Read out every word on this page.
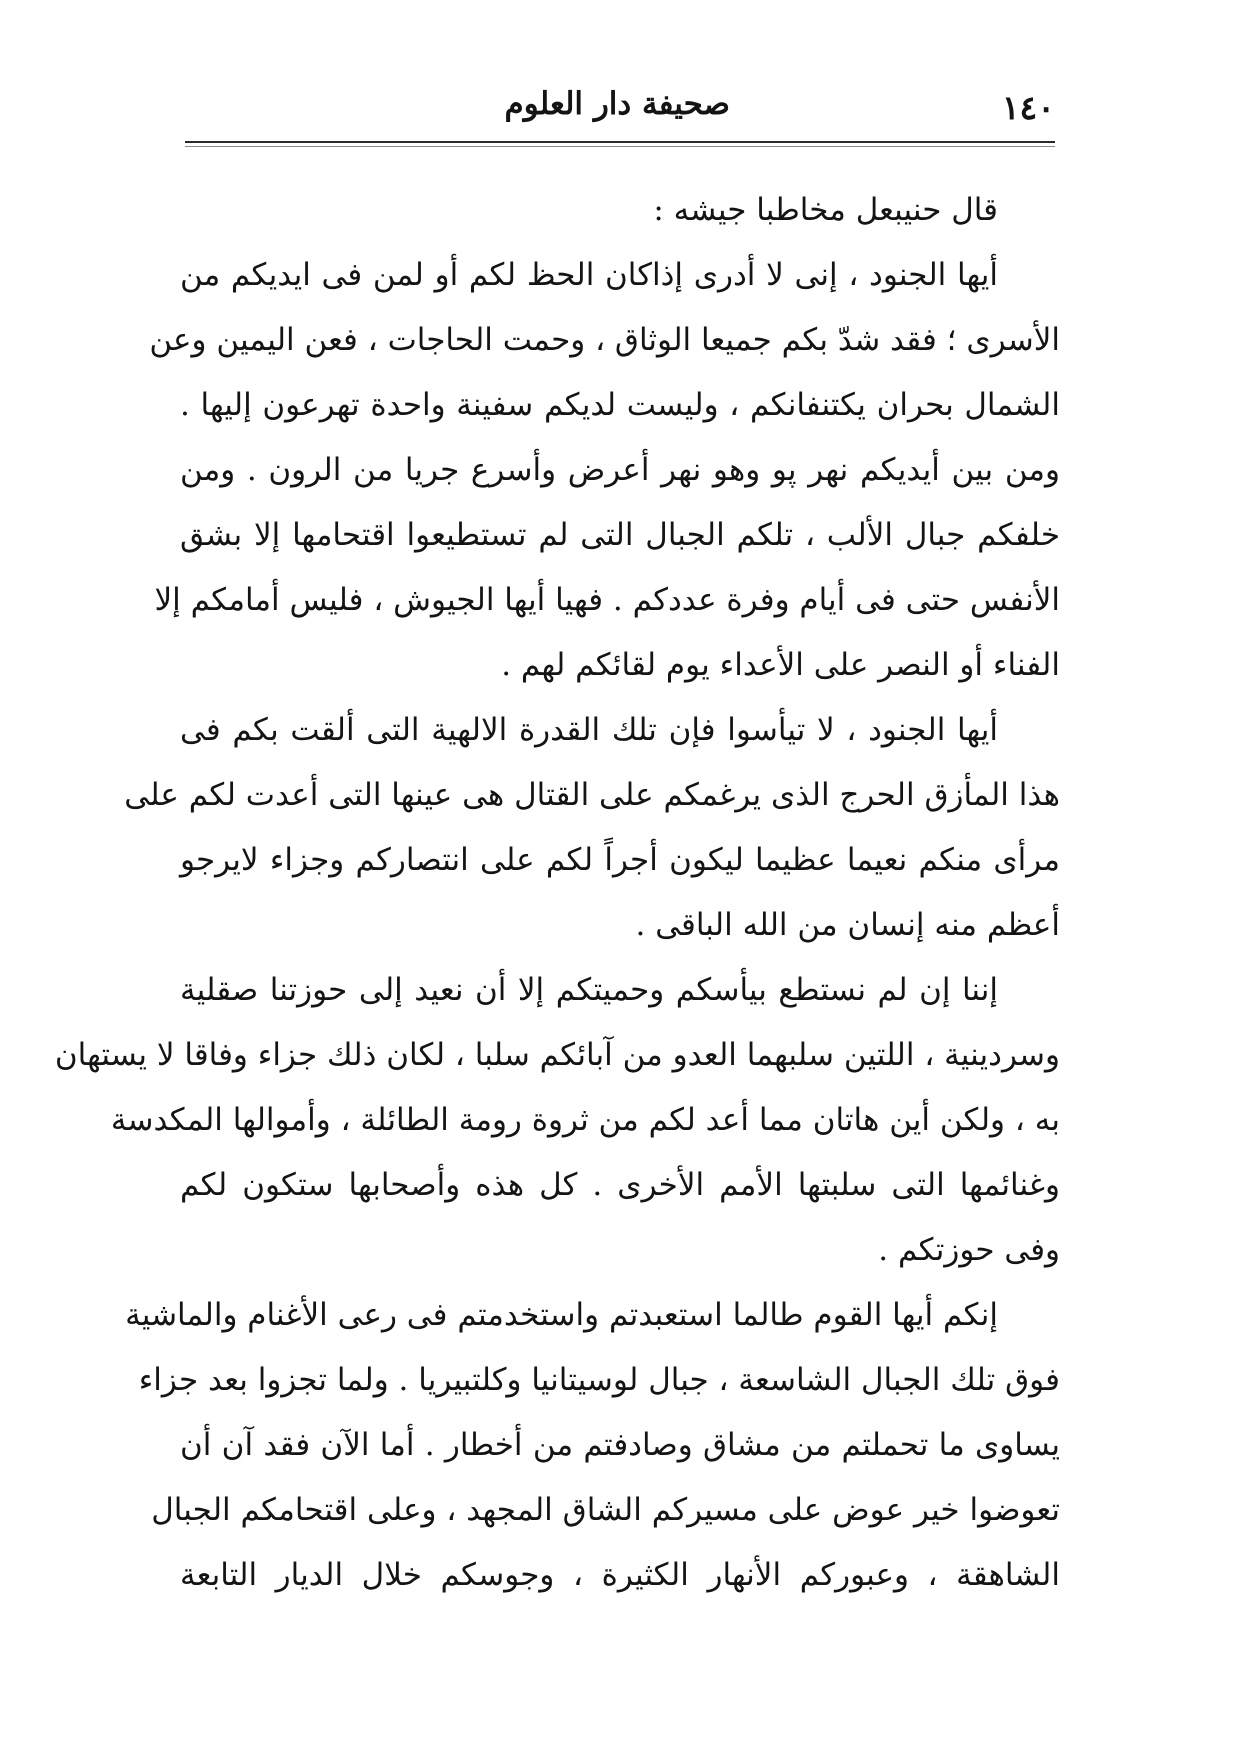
١٤٠
صحيفة دار العلوم
قال حنيبعل مخاطبا جيشه :
أيها الجنود ، إنى لا أدرى إذاكان الحظ لكم أو لمن فى ايديكم من
الأسرى ؛ فقد شدّ بكم جميعا الوثاق ، وحمت الحاجات ، فعن اليمين وعن
الشمال بحران يكتنفانكم ، وليست لديكم سفينة واحدة تهرعون إليها .
ومن بين أيديكم نهر پو وهو نهر أعرض وأسرع جريا من الرون . ومن
خلفكم جبال الألب ، تلكم الجبال التى لم تستطيعوا اقتحامها إلا بشق
الأنفس حتى فى أيام وفرة عددكم . فهيا أيها الجيوش ، فليس أمامكم إلا
الفناء أو النصر على الأعداء يوم لقائكم لهم .
أيها الجنود ، لا تيأسوا فإن تلك القدرة الالهية التى ألقت بكم فى
هذا المأزق الحرج الذى يرغمكم على القتال هى عينها التى أعدت لكم على
مرأى منكم نعيما عظيما ليكون أجراً لكم على انتصاركم وجزاء لايرجو
أعظم منه إنسان من الله الباقى .
إننا إن لم نستطع بيأسكم وحميتكم إلا أن نعيد إلى حوزتنا صقلية
وسردينية ، اللتين سلبهما العدو من آبائكم سلبا ، لكان ذلك جزاء وفاقا لا يستهان
به ، ولكن أين هاتان مما أعد لكم من ثروة رومة الطائلة ، وأموالها المكدسة
وغنائمها التى سلبتها الأمم الأخرى . كل هذه وأصحابها ستكون لكم
وفى حوزتكم .
إنكم أيها القوم طالما استعبدتم واستخدمتم فى رعى الأغنام والماشية
فوق تلك الجبال الشاسعة ، جبال لوسيتانيا وكلتبيريا . ولما تجزوا بعد جزاء
يساوى ما تحملتم من مشاق وصادفتم من أخطار . أما الآن فقد آن أن
تعوضوا خير عوض على مسيركم الشاق المجهد ، وعلى اقتحامكم الجبال
الشاهقة ، وعبوركم الأنهار الكثيرة ، وجوسكم خلال الديار التابعة
